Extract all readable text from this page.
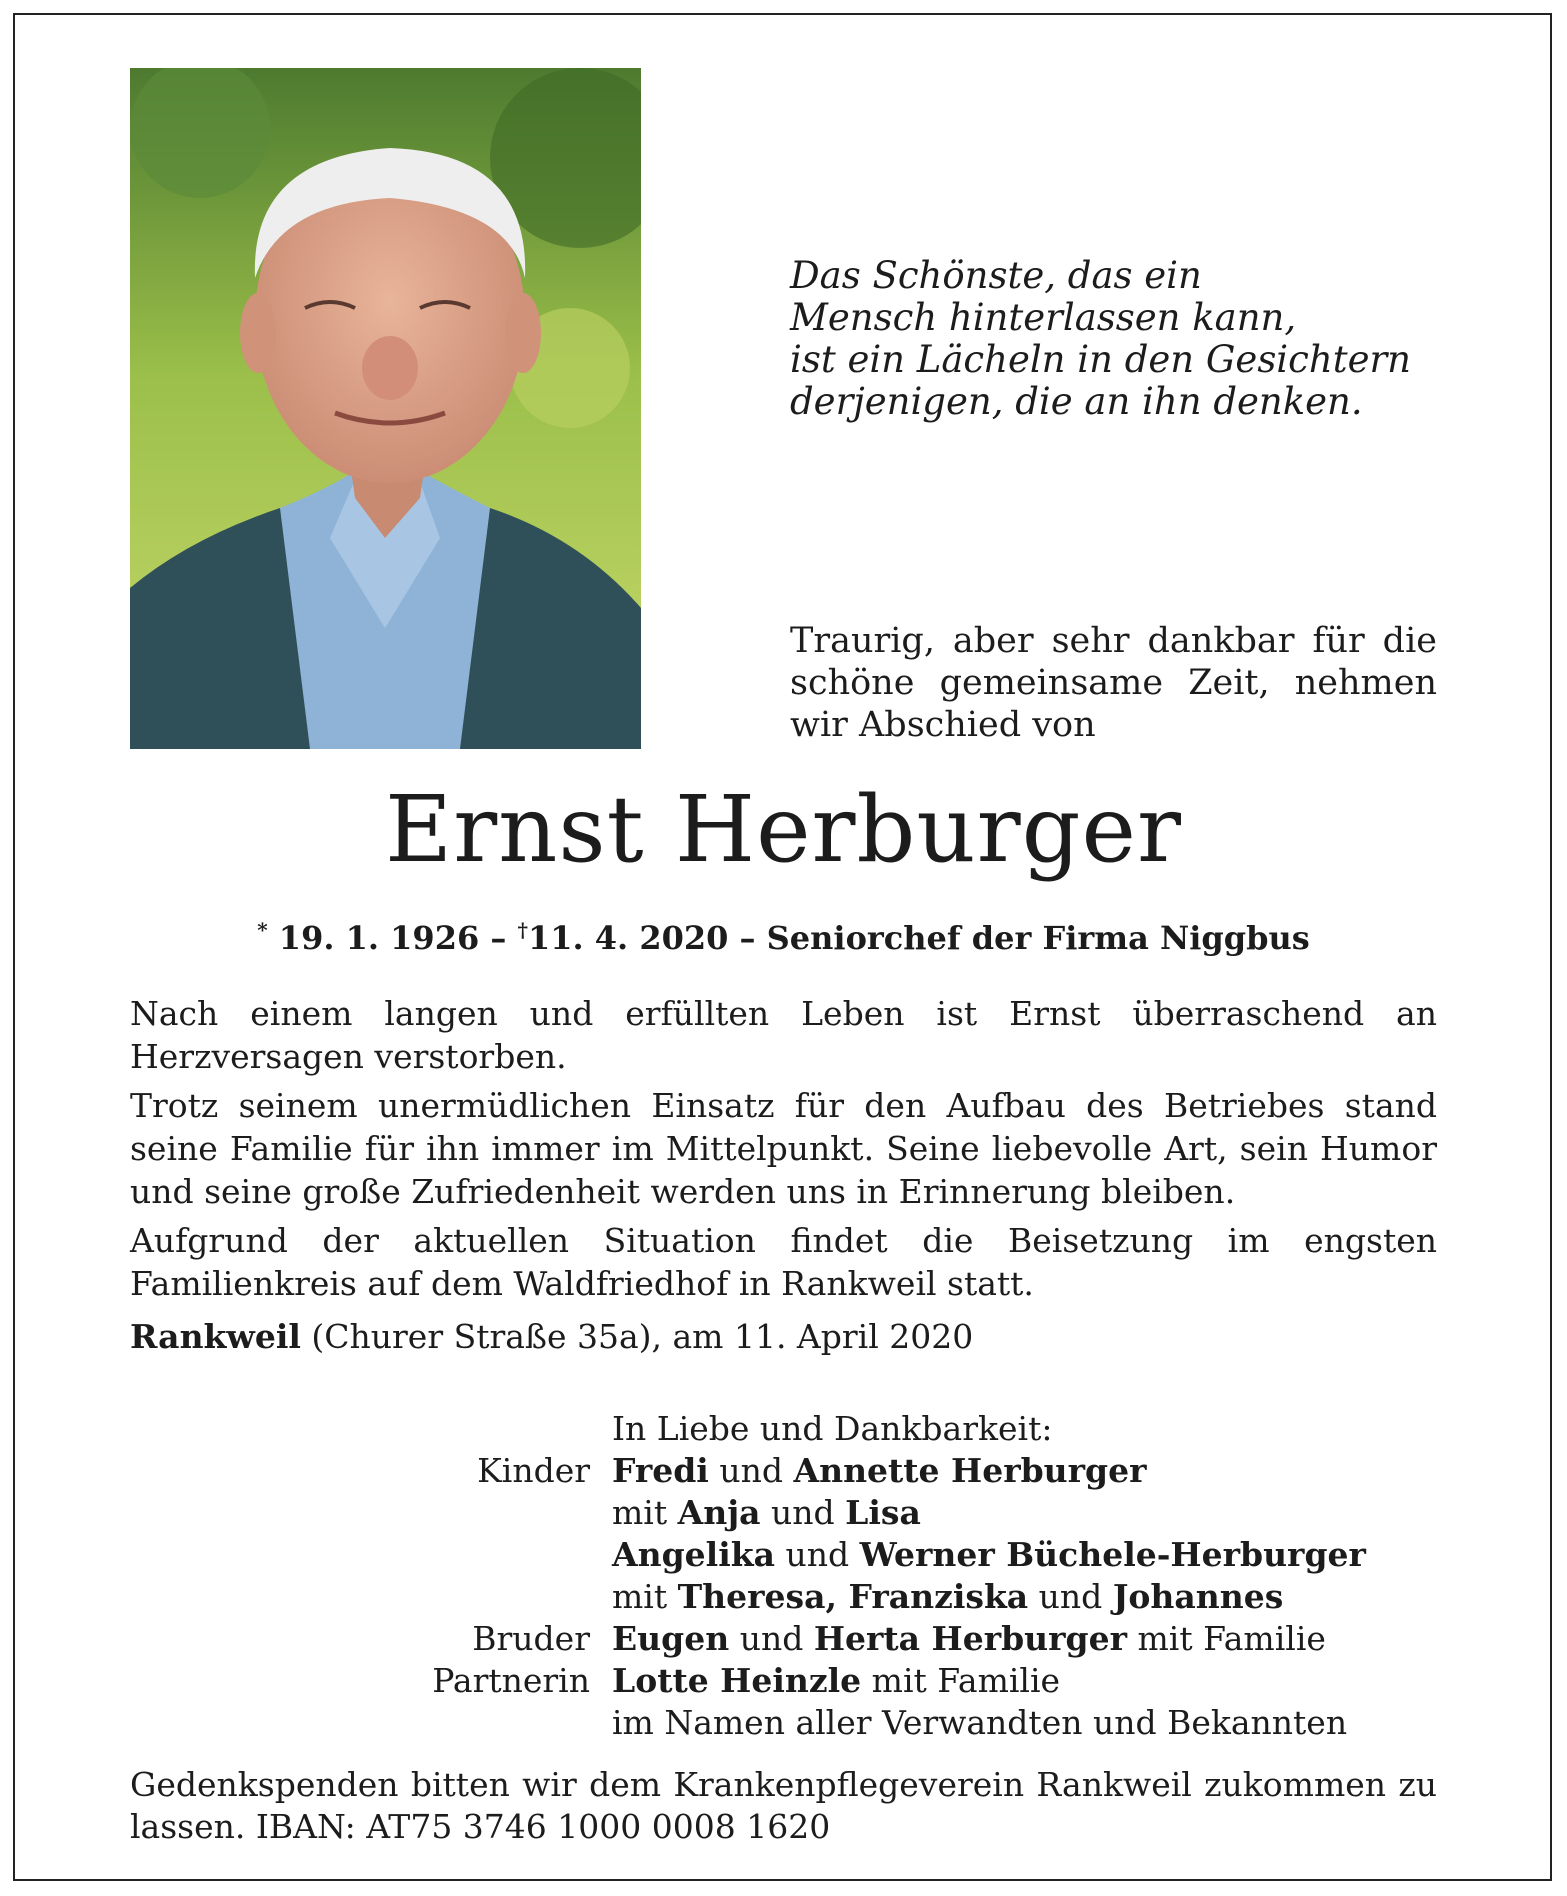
Das Schönste, das ein
Mensch hinterlassen kann,
ist ein Lächeln in den Gesichtern
derjenigen, die an ihn denken.

Traurig, aber sehr dankbar für die schöne gemeinsame Zeit, nehmen wir Abschied von

Ernst Herburger
* 19. 1. 1926 – †11. 4. 2020 – Seniorchef der Firma Niggbus

Nach einem langen und erfüllten Leben ist Ernst überraschend an Herzversagen verstorben.

Trotz seinem unermüdlichen Einsatz für den Aufbau des Betriebes stand seine Familie für ihn immer im Mittelpunkt. Seine liebevolle Art, sein Humor und seine große Zufriedenheit werden uns in Erinnerung bleiben.

Aufgrund der aktuellen Situation findet die Beisetzung im engsten Familienkreis auf dem Waldfriedhof in Rankweil statt.

Rankweil (Churer Straße 35a), am 11. April 2020

In Liebe und Dankbarkeit:
Kinder Fredi und Annette Herburger
mit Anja und Lisa
Angelika und Werner Büchele-Herburger
mit Theresa, Franziska und Johannes
Bruder Eugen und Herta Herburger mit Familie
Partnerin Lotte Heinzle mit Familie
im Namen aller Verwandten und Bekannten

Gedenkspenden bitten wir dem Krankenpflegeverein Rankweil zukommen zu lassen. IBAN: AT75 3746 1000 0008 1620
